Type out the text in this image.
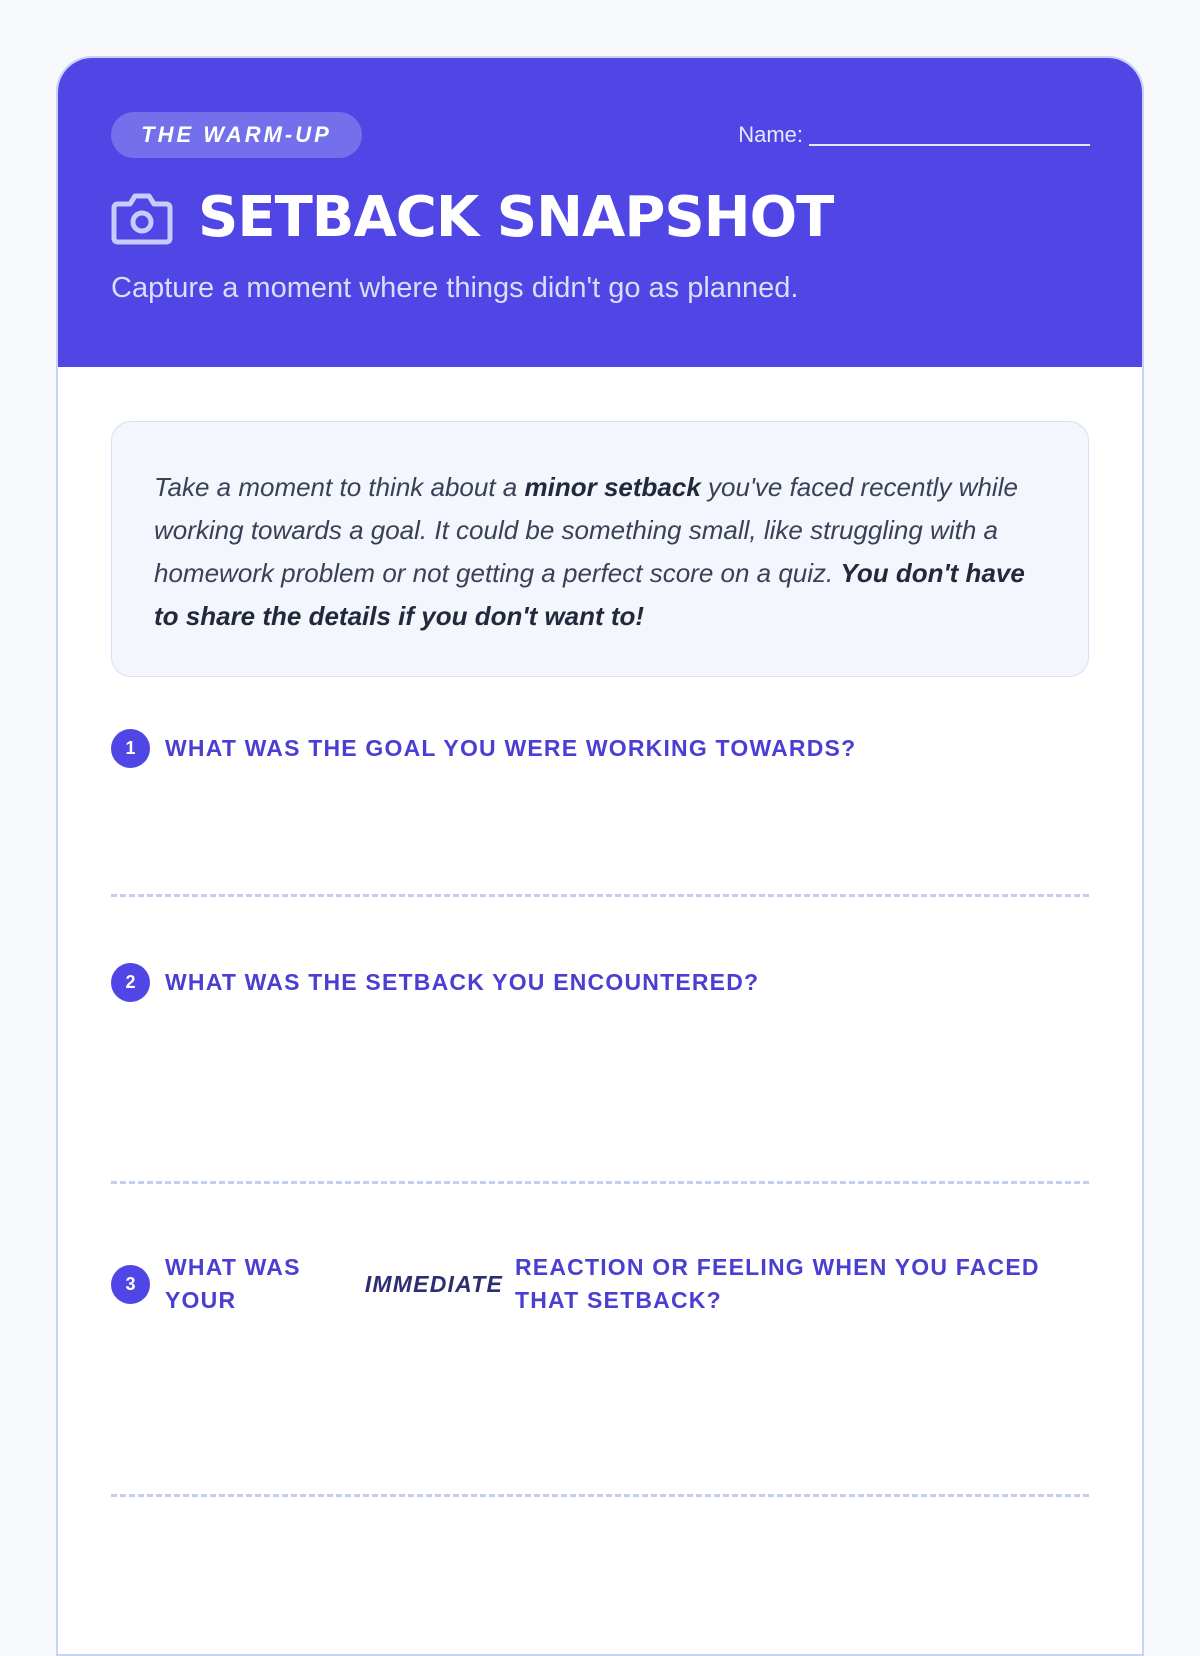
THE WARM-UP	Name:
SETBACK SNAPSHOT
Capture a moment where things didn't go as planned.

Take a moment to think about a minor setback you've faced recently while working towards a goal. It could be something small, like struggling with a homework problem or not getting a perfect score on a quiz. You don't have to share the details if you don't want to!

1	WHAT WAS THE GOAL YOU WERE WORKING TOWARDS?
2	WHAT WAS THE SETBACK YOU ENCOUNTERED?
3
WHAT WAS YOUR
IMMEDIATE
REACTION OR FEELING WHEN YOU FACED THAT SETBACK?
